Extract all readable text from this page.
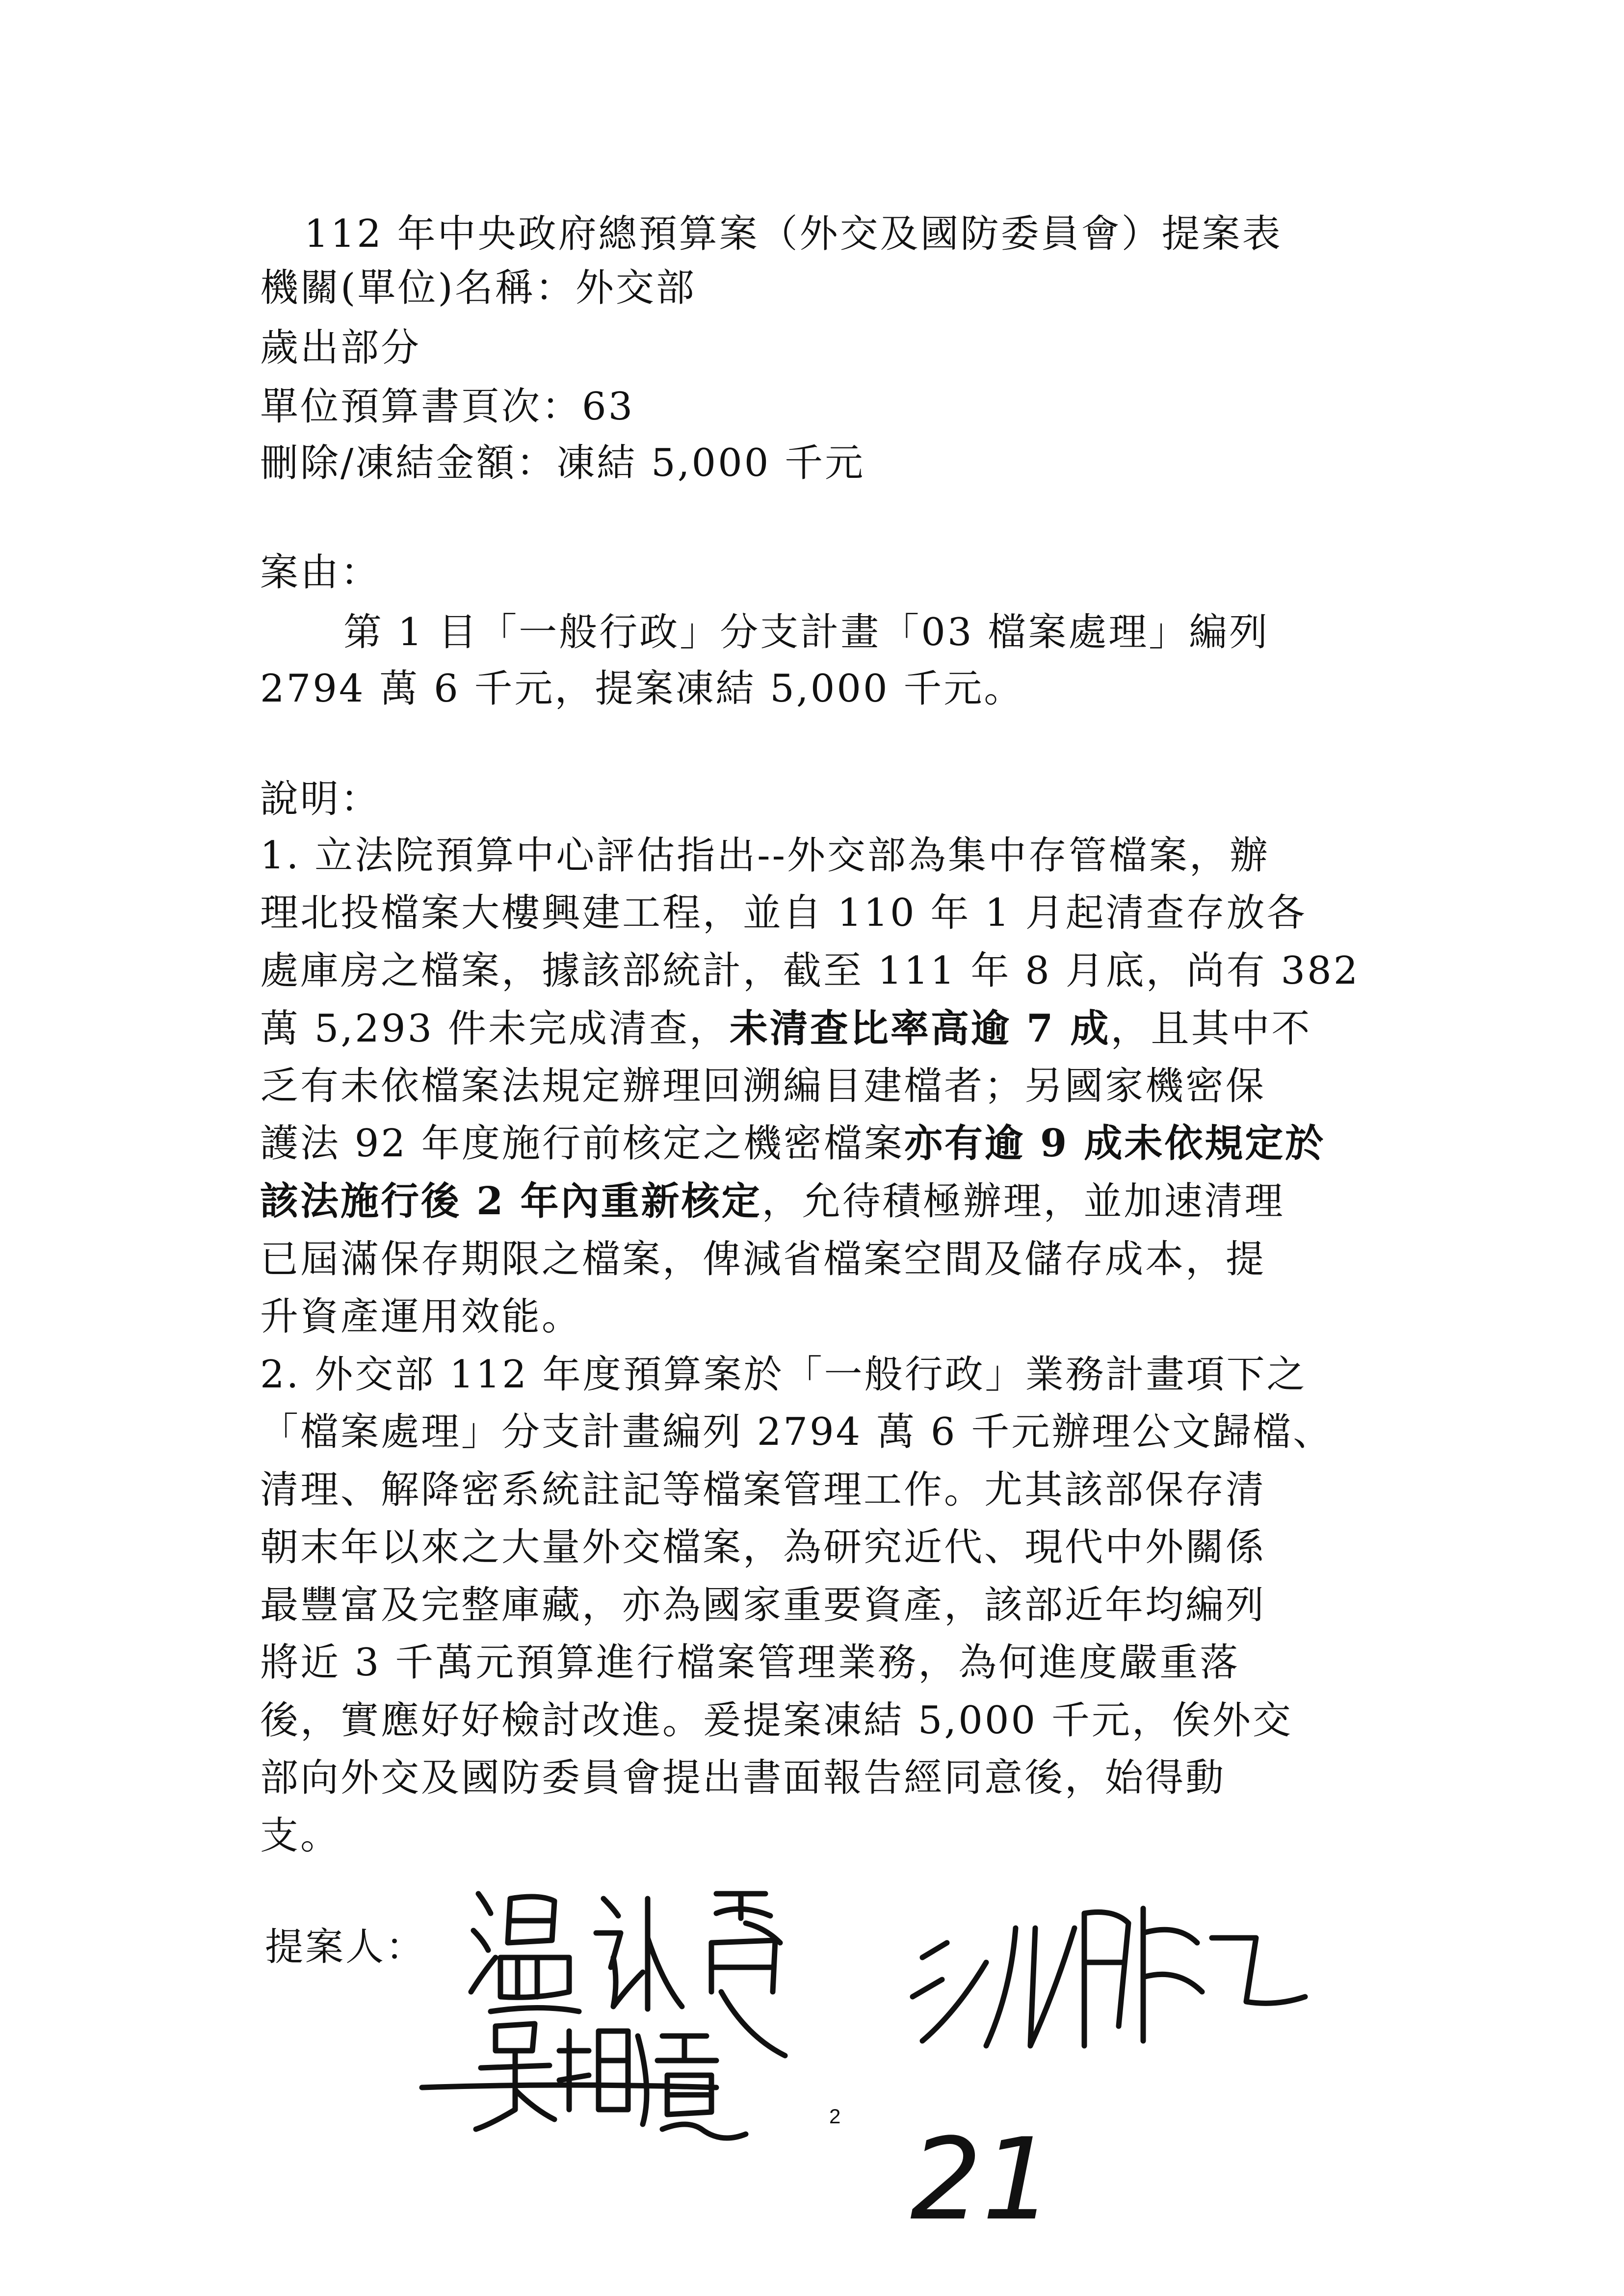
112 年中央政府總預算案（外交及國防委員會）提案表
機關(單位)名稱：外交部
歲出部分
單位預算書頁次：63
刪除/凍結金額：凍結 5,000 千元
案由：
第 1 目「一般行政」分支計畫「03 檔案處理」編列
2794 萬 6 千元，提案凍結 5,000 千元。
說明：
1. 立法院預算中心評估指出--外交部為集中存管檔案，辦
理北投檔案大樓興建工程，並自 110 年 1 月起清查存放各
處庫房之檔案，據該部統計，截至 111 年 8 月底，尚有 382
萬 5,293 件未完成清查，未清查比率高逾 7 成，且其中不
乏有未依檔案法規定辦理回溯編目建檔者；另國家機密保
護法 92 年度施行前核定之機密檔案亦有逾 9 成未依規定於
該法施行後 2 年內重新核定，允待積極辦理，並加速清理
已屆滿保存期限之檔案，俾減省檔案空間及儲存成本，提
升資產運用效能。
2. 外交部 112 年度預算案於「一般行政」業務計畫項下之
「檔案處理」分支計畫編列 2794 萬 6 千元辦理公文歸檔、
清理、解降密系統註記等檔案管理工作。尤其該部保存清
朝末年以來之大量外交檔案，為研究近代、現代中外關係
最豐富及完整庫藏，亦為國家重要資產，該部近年均編列
將近 3 千萬元預算進行檔案管理業務，為何進度嚴重落
後，實應好好檢討改進。爰提案凍結 5,000 千元，俟外交
部向外交及國防委員會提出書面報告經同意後，始得動
支。
提案人：
2 21
